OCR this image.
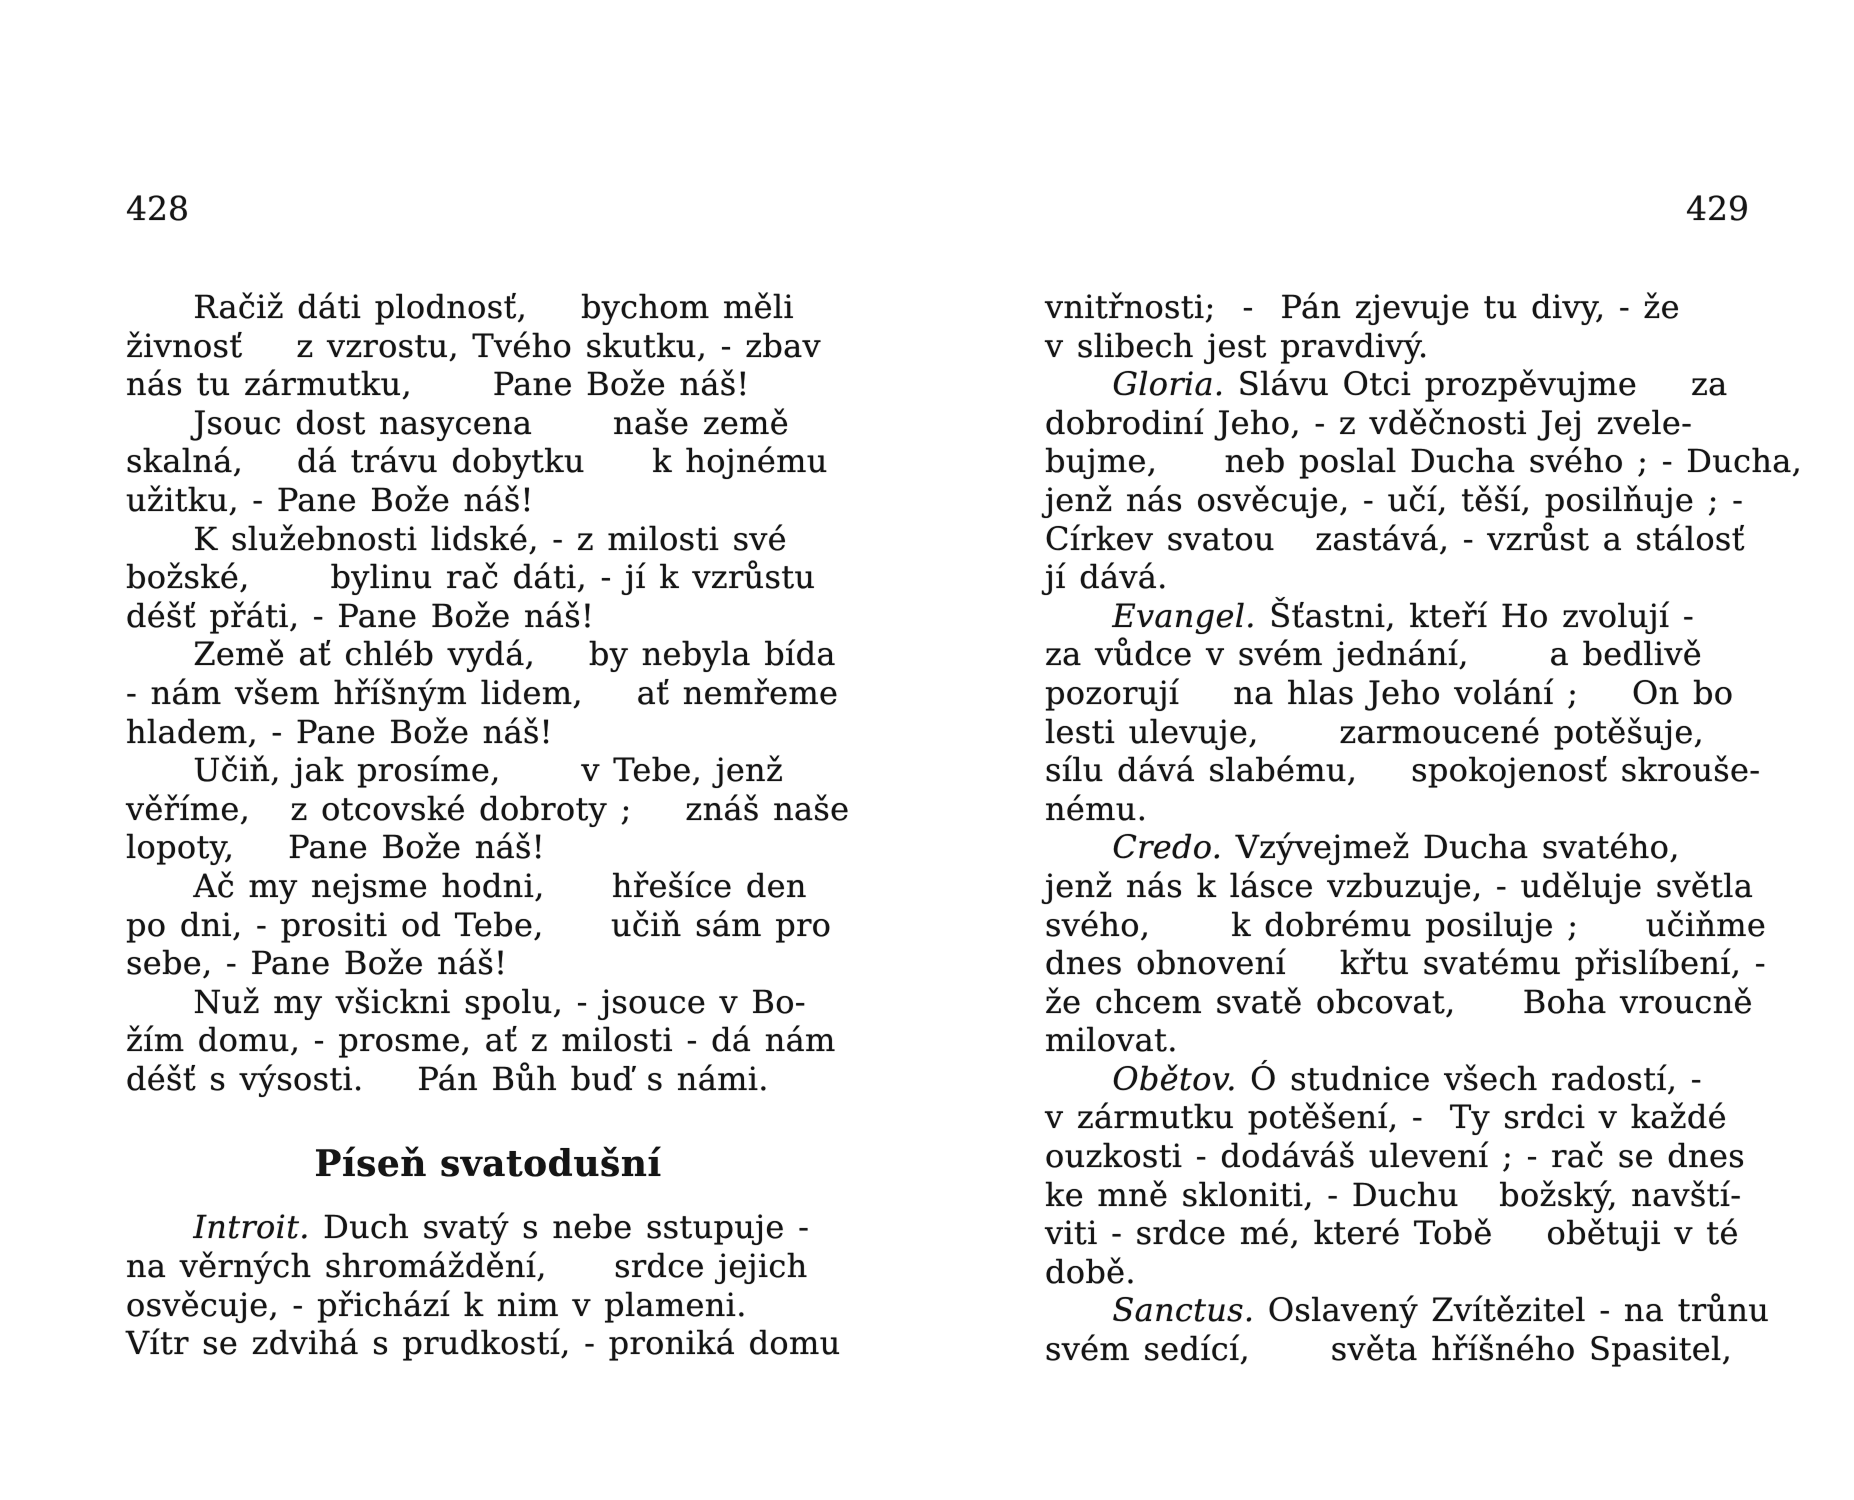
428	429
Račiž dáti plodnosť,    bychom měli
živnosť    z vzrostu, Tvého skutku, - zbav
nás tu zármutku,      Pane Bože náš!
Jsouc dost nasycena      naše země
skalná,    dá trávu dobytku     k hojnému
užitku, - Pane Bože náš!
K služebnosti lidské, - z milosti své
božské,      bylinu rač dáti, - jí k vzrůstu
déšť přáti, - Pane Bože náš!
Země ať chléb vydá,    by nebyla bída
- nám všem hříšným lidem,    ať nemřeme
hladem, - Pane Bože náš!
Učiň, jak prosíme,      v Tebe, jenž
věříme,   z otcovské dobroty ;    znáš naše
lopoty,    Pane Bože náš!
Ač my nejsme hodni,     hřešíce den
po dni, - prositi od Tebe,     učiň sám pro
sebe, - Pane Bože náš!
Nuž my všickni spolu, - jsouce v Bo-
žím domu, - prosme, ať z milosti - dá nám
déšť s výsosti.    Pán Bůh buď s námi.
Píseň svatodušní
Introit. Duch svatý s nebe sstupuje -
na věrných shromáždění,     srdce jejich
osvěcuje, - přichází k nim v plameni.
Vítr se zdvihá s prudkostí, - proniká domu
vnitřnosti;  -  Pán zjevuje tu divy, - že
v slibech jest pravdivý.
Gloria. Slávu Otci prozpěvujme    za
dobrodiní Jeho, - z vděčnosti Jej zvele-
bujme,     neb poslal Ducha svého ; - Ducha,
jenž nás osvěcuje, - učí, těší, posilňuje ; -
Církev svatou   zastává, - vzrůst a stálosť
jí dává.
Evangel. Šťastni, kteří Ho zvolují -
za vůdce v svém jednání,      a bedlivě
pozorují    na hlas Jeho volání ;    On bo
lesti ulevuje,      zarmoucené potěšuje,
sílu dává slabému,    spokojenosť skrouše-
nému.
Credo. Vzývejmež Ducha svatého,
jenž nás k lásce vzbuzuje, - uděluje světla
svého,      k dobrému posiluje ;     učiňme
dnes obnovení    křtu svatému přislíbení, -
že chcem svatě obcovat,     Boha vroucně
milovat.
Obětov. Ó studnice všech radostí, -
v zármutku potěšení, -  Ty srdci v každé
ouzkosti - dodáváš ulevení ; - rač se dnes
ke mně skloniti, - Duchu   božský, navští-
viti - srdce mé, které Tobě    obětuji v té
době.
Sanctus. Oslavený Zvítězitel - na trůnu
svém sedící,      světa hříšného Spasitel,
